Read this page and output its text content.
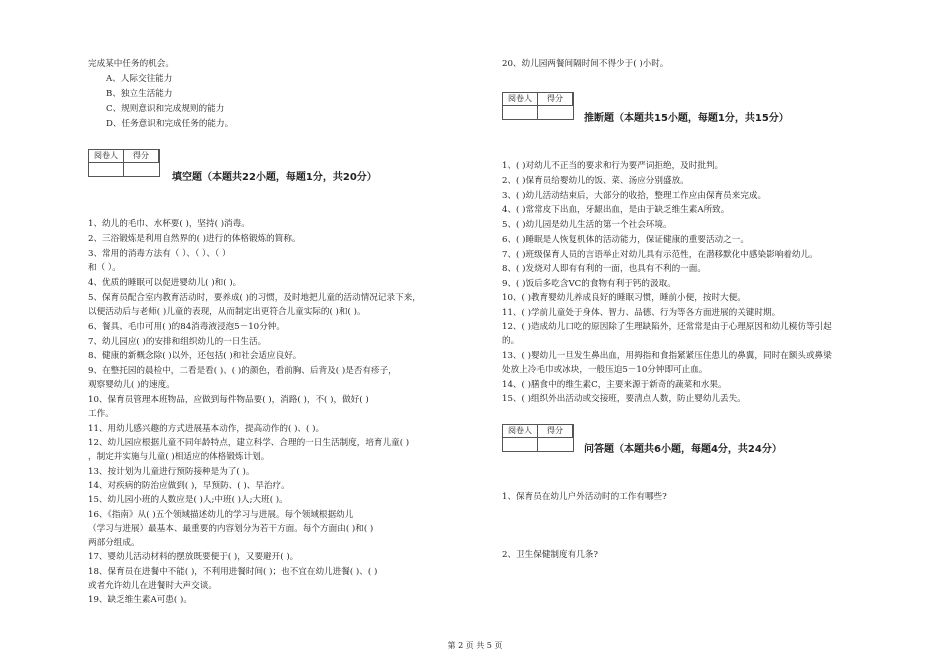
完成某中任务的机会。
A、人际交往能力
B、独立生活能力
C、规则意识和完成规则的能力
D、任务意识和完成任务的能力。
阅卷人	得分
填空题（本题共22小题，每题1分，共20分）
1、幼儿的毛巾、水杯要( )，坚持( )消毒。
2、三浴锻炼是利用自然界的( )进行的体格锻炼的简称。
3、常用的消毒方法有（ ）、（ ）、（ ）
和（ ）。
4、优质的睡眠可以促进婴幼儿( )和( )。
5、保育员配合室内教育活动时，要养成( )的习惯，及时地把儿童的活动情况记录下来，
以便活动后与老师( )儿童的表现，从而制定出更符合儿童实际的( )和( )。
6、餐具、毛巾可用( )的84消毒液浸泡5－10分钟。
7、幼儿园应( )的安排和组织幼儿的一日生活。
8、健康的新概念除( )以外，还包括( )和社会适应良好。
9、在整托园的晨检中，二看是看( )、( )的颜色，看前胸、后背及( )是否有疹子，
观察婴幼儿( )的速度。
10、保育员管理本班物品，应做到每件物品要( )，消路( )，不( )，做好( )
工作。
11、用幼儿感兴趣的方式进展基本动作，提高动作的( )、( )。
12、幼儿园应根据儿童不同年龄特点，建立科学、合理的一日生活制度，培育儿童( )
，制定并实施与儿童( )相适应的体格锻炼计划。
13、按计划为儿童进行预防接种是为了( )。
14、对疾病的防治应做到( )，早预防、( )、早治疗。
15、幼儿园小班的人数应是( )人;中班( )人;大班( )。
16、《指南》从( )五个领域描述幼儿的学习与进展。每个领域根据幼儿
（学习与进展）最基本、最重要的内容划分为若干方面。每个方面由( )和( )
两部分组成。
17、婴幼儿活动材料的摆放既要便于( )，又要避开( )。
18、保育员在进餐中不能( )，不利用进餐时间( )；也不宜在幼儿进餐( )、( )
或者允许幼儿在进餐时大声交谈。
19、缺乏维生素A可患( )。
20、幼儿园两餐间隔时间不得少于( )小时。
阅卷人	得分
推断题（本题共15小题，每题1分，共15分）
1、( )对幼儿不正当的要求和行为要严词拒绝，及时批判。
2、( )保育员给婴幼儿的饭、菜、汤应分别盛放。
3、( )幼儿活动结束后，大部分的收拾，整理工作应由保育员来完成。
4、( )常常皮下出血，牙龈出血，是由于缺乏维生素A所致。
5、( )幼儿园是幼儿生活的第一个社会环境。
6、( )睡眠是人恢复机体的活动能力，保证健康的重要活动之一。
7、( )班级保育人员的言语举止对幼儿具有示范性，在潜移默化中感染影响着幼儿。
8、( )发烧对人即有有利的一面，也具有不利的一面。
9、( )饭后多吃含VC的食物有利于钙的汲取。
10、( )教育婴幼儿养成良好的睡眠习惯，睡前小便，按时大便。
11、( )学前儿童处于身体、智力、品德、行为等各方面进展的关键时期。
12、( )造成幼儿口吃的原因除了生理缺陷外，还常常是由于心理原因和幼儿模仿等引起
的。
13、( )婴幼儿一旦发生鼻出血，用拇指和食指紧紧压住患儿的鼻翼，同时在额头或鼻梁
处放上冷毛巾或冰块，一般压迫5－10分钟即可止血。
14、( )膳食中的维生素C，主要来源于新奇的蔬菜和水果。
15、( )组织外出活动或交接班，要清点人数，防止婴幼儿丢失。
阅卷人	得分
问答题（本题共6小题，每题4分，共24分）
1、保育员在幼儿户外活动时的工作有哪些?
2、卫生保健制度有几条?
第 2 页 共 5 页
